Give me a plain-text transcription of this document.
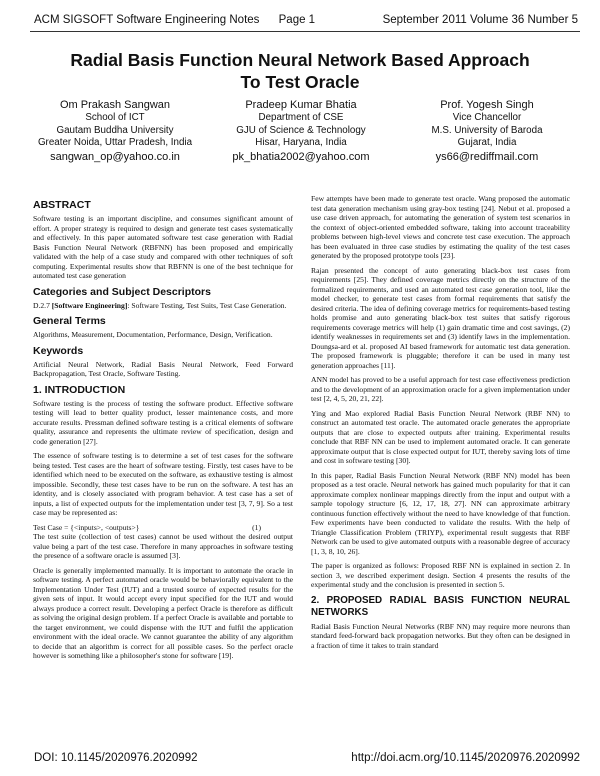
ACM SIGSOFT Software Engineering Notes Page 1	September 2011 Volume 36 Number 5
Radial Basis Function Neural Network Based Approach
To Test Oracle
Om Prakash Sangwan
School of ICT
Gautam Buddha University
Greater Noida, Uttar Pradesh, India
sangwan_op@yahoo.co.in
Pradeep Kumar Bhatia
Department of CSE
GJU of Science & Technology
Hisar, Haryana, India
pk_bhatia2002@yahoo.com
Prof. Yogesh Singh
Vice Chancellor
M.S. University of Baroda
Gujarat, India
ys66@rediffmail.com
ABSTRACT

Software testing is an important discipline, and consumes significant amount of effort. A proper strategy is required to design and generate test cases systematically and effectively. In this paper automated software test case generation with Radial Basis Function Neural Network (RBFNN) has been proposed and empirically validated with the help of a case study and compared with other techniques of soft computing. Experimental results show that RBFNN is one of the best technique for automated test case generation

Categories and Subject Descriptors

D.2.7 [Software Engineering]: Software Testing, Test Suits, Test Case Generation.

General Terms

Algorithms, Measurement, Documentation, Performance, Design, Verification.

Keywords

Artificial Neural Network, Radial Basis Neural Network, Feed Forward Backpropagation, Test Oracle, Software Testing.

1. INTRODUCTION

Software testing is the process of testing the software product. Effective software testing will lead to better quality product, lesser maintenance costs, and more accurate results. Pressman defined software testing is a critical elements of software quality, assurance and represents the ultimate review of specification, design and code generation [27].

The essence of software testing is to determine a set of test cases for the software being tested. Test cases are the heart of software testing. Firstly, test cases have to be identified which need to be executed on the software, as exhaustive testing is almost impossible. Secondly, these test cases have to be run on the software. A test has an identity, and is closely associated with program behavior. A test case has a set of inputs, a list of expected outputs for the implementation under test [3, 7, 9]. So a test case may be represented as:

Test Case = {<inputs>, <outputs>}	(1)

The test suite (collection of test cases) cannot be used without the desired output value being a part of the test case. Therefore in many approaches in software testing the presence of a software oracle is assumed [3].

Oracle is generally implemented manually. It is important to automate the oracle in software testing. A perfect automated oracle would be behaviorally equivalent to the Implementation Under Test (IUT) and a trusted source of expected results for the given sets of input. It would accept every input specified for the IUT and would always produce a correct result. Developing a perfect Oracle is therefore as difficult as solving the original design problem. If a perfect Oracle is available and portable to the target environment, we could dispense with the IUT and fulfil the application environment with the ideal oracle. We cannot guarantee the ability of any algorithm to decide that an algorithm is correct for all possible cases. So the perfect oracle however is something like a philosopher's stone for software [19].

Few attempts have been made to generate test oracle. Wang proposed the automatic test data generation mechanism using gray-box testing [24]. Nebut et al. proposed a use case driven approach, for automating the generation of system test scenarios in the context of object-oriented embedded software, taking into account traceability problems between high-level views and concrete test case execution. The approach has been evaluated in three case studies by estimating the quality of the test cases generated by the proposed prototype tools [23].

Rajan presented the concept of auto generating black-box test cases from requirements [25]. They defined coverage metrics directly on the structure of the formalized requirements, and used an automated test case generation tool, like the model checker, to generate test cases from formal requirements that satisfy the desired criteria. The idea of defining coverage metrics for requirements-based testing holds promise and auto generating black-box test suites that satisfy rigorous requirements coverage metrics will help (1) gain dramatic time and cost savings, (2) identify weaknesses in requirements set and (3) identify laws in the implementation. Doungsa-ard et al. proposed AI based framework for automatic test data generation. The proposed framework is pluggable; therefore it can be used in many test generation approaches [11].

ANN model has proved to be a useful approach for test case effectiveness prediction and to the development of an approximation oracle for a given implementation under test [2, 4, 5, 20, 21, 22].

Ying and Mao explored Radial Basis Function Neural Network (RBF NN) to construct an automated test oracle. The automated oracle generates the appropriate outputs that are close to expected outputs after training. Experimental results conclude that RBF NN can be used to implement automated oracle. It can generate approximate output that is close expected output for IUT, thereby saving lots of time and cost in software testing [30].

In this paper, Radial Basis Function Neural Network (RBF NN) model has been proposed as a test oracle. Neural network has gained much popularity for that it can approximate complex nonlinear mappings directly from the input and output with a sample topology structure [6, 12, 17, 18, 27]. NN can approximate arbitrary continuous function effectively without the need to have knowledge of that function. Few experiments have been conducted to validate the results. With the help of Triangle Classification Problem (TRIYP), experimental result suggests that RBF Network can be used to give automated outputs with a reasonable degree of accuracy [1, 3, 8, 10, 26].

The paper is organized as follows: Proposed RBF NN is explained in section 2. In section 3, we described experiment design. Section 4 presents the results of the experimental study and the conclusion is presented in section 5.

2. PROPOSED RADIAL BASIS FUNCTION NEURAL NETWORKS

Radial Basis Function Neural Networks (RBF NN) may require more neurons than standard feed-forward back propagation networks. But they often can be designed in a fraction of time it takes to train standard

DOI: 10.1145/2020976.2020992	http://doi.acm.org/10.1145/2020976.2020992
